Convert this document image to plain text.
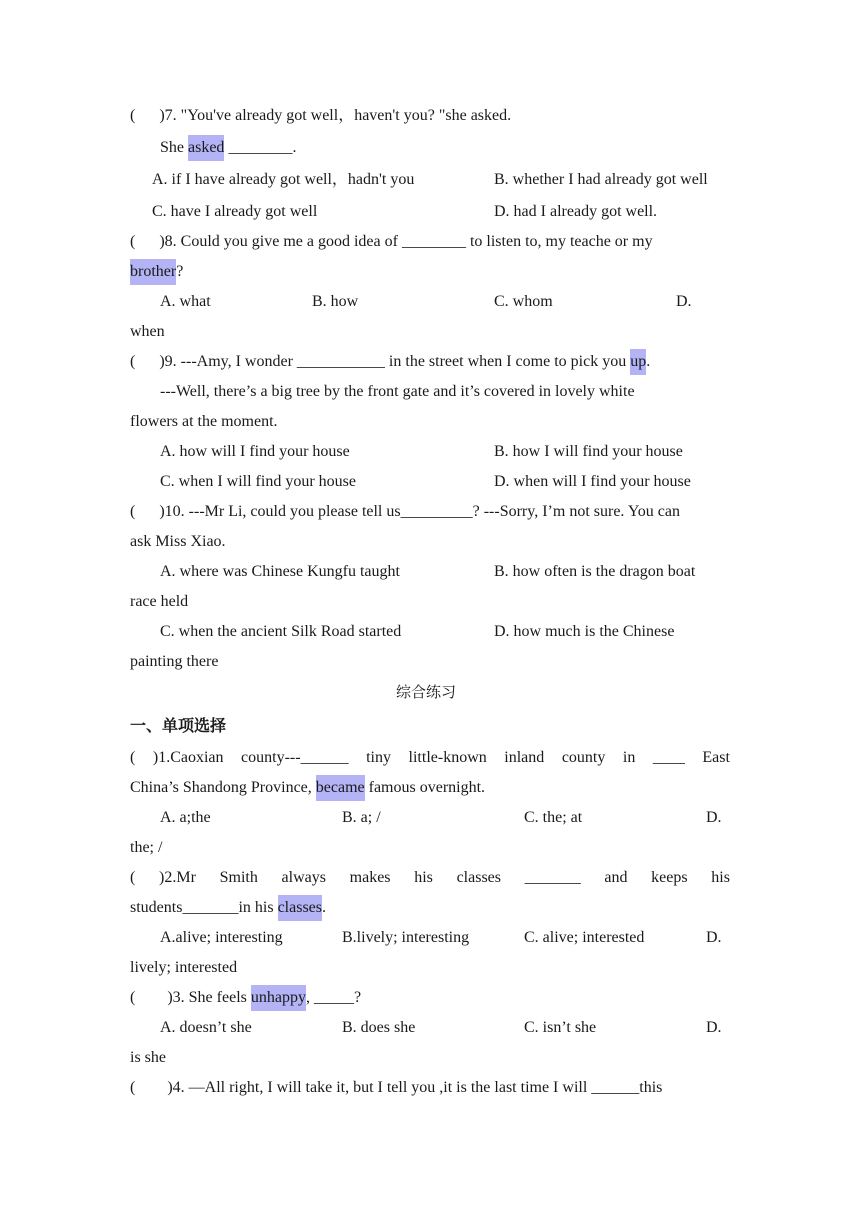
( )7. "You've already got well，haven't you? "she asked.
She asked ________.
A. if I have already got well，hadn't you	B. whether I had already got well
C. have I already got well	D. had I already got well.
( )8. Could you give me a good idea of ________ to listen to, my teache or my
brother?
A. what	B. how	C. whom	D.
when
( )9. ---Amy, I wonder ___________ in the street when I come to pick you up.
---Well, there’s a big tree by the front gate and it’s covered in lovely white
flowers at the moment.
A. how will I find your house	B. how I will find your house
C. when I will find your house	D. when will I find your house
( )10. ---Mr Li, could you please tell us_________? ---Sorry, I’m not sure. You can
ask Miss Xiao.
A. where was Chinese Kungfu taught	B. how often is the dragon boat
race held
C. when the ancient Silk Road started	D. how much is the Chinese
painting there
综合练习
一、单项选择
( )1.Caoxian county---______ tiny little-known inland county in ____ East
China’s Shandong Province, became famous overnight.
A. a;the	B. a; /	C. the; at	D.
the; /
( )2.Mr Smith always makes his classes _______ and keeps his
students_______in his classes.
A.alive; interesting	B.lively; interesting	C. alive; interested	D.
lively; interested
( )3. She feels unhappy, _____?
A. doesn’t she	B. does she	C. isn’t she	D.
is she
( )4. —All right, I will take it, but I tell you ,it is the last time I will ______this
